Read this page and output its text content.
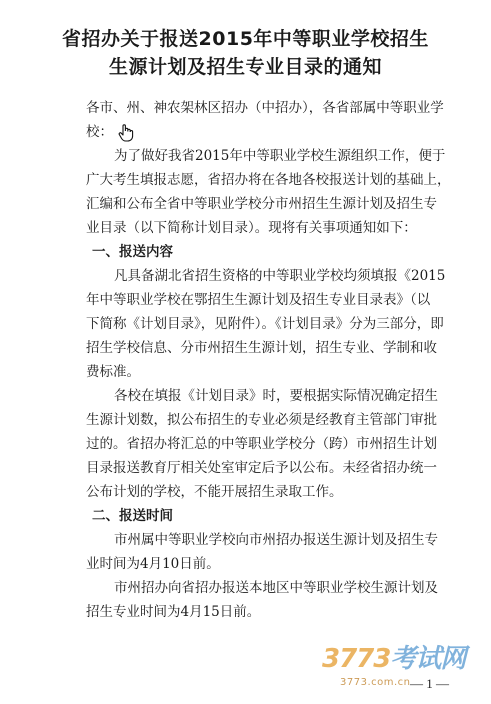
省招办关于报送2015年中等职业学校招生
生源计划及招生专业目录的通知
各市、州、神农架林区招办（中招办），各省部属中等职业学
校：
为了做好我省2015年中等职业学校生源组织工作，便于
广大考生填报志愿，省招办将在各地各校报送计划的基础上，
汇编和公布全省中等职业学校分市州招生生源计划及招生专
业目录（以下简称计划目录）。现将有关事项通知如下：
一、报送内容
凡具备湖北省招生资格的中等职业学校均须填报《2015
年中等职业学校在鄂招生生源计划及招生专业目录表》（以
下简称《计划目录》，见附件）。《计划目录》分为三部分，即
招生学校信息、分市州招生生源计划，招生专业、学制和收
费标准。
各校在填报《计划目录》时，要根据实际情况确定招生
生源计划数，拟公布招生的专业必须是经教育主管部门审批
过的。省招办将汇总的中等职业学校分（跨）市州招生计划
目录报送教育厅相关处室审定后予以公布。未经省招办统一
公布计划的学校，不能开展招生录取工作。
二、报送时间
市州属中等职业学校向市州招办报送生源计划及招生专
业时间为4月10日前。
市州招办向省招办报送本地区中等职业学校生源计划及
招生专业时间为4月15日前。
3773考试网
3773.com.cn — 1 —
